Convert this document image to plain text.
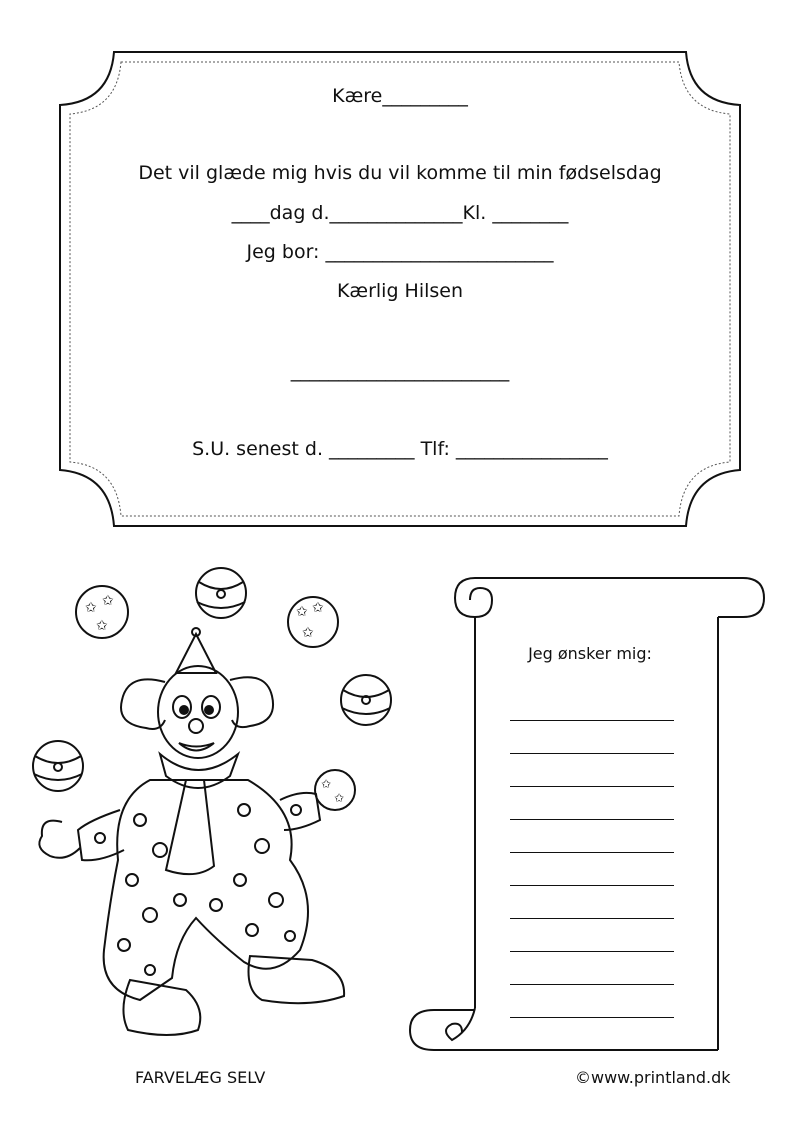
Kære_________
Det vil glæde mig hvis du vil komme til min fødselsdag
____dag d.______________Kl. ________
Jeg bor: ________________________
Kærlig Hilsen
_______________________
S.U. senest d. _________ Tlf: ________________
✩ ✩
✩
✩ ✩
✩
✩
✩
Jeg ønsker mig:
FARVELÆG SELV	©www.printland.dk
